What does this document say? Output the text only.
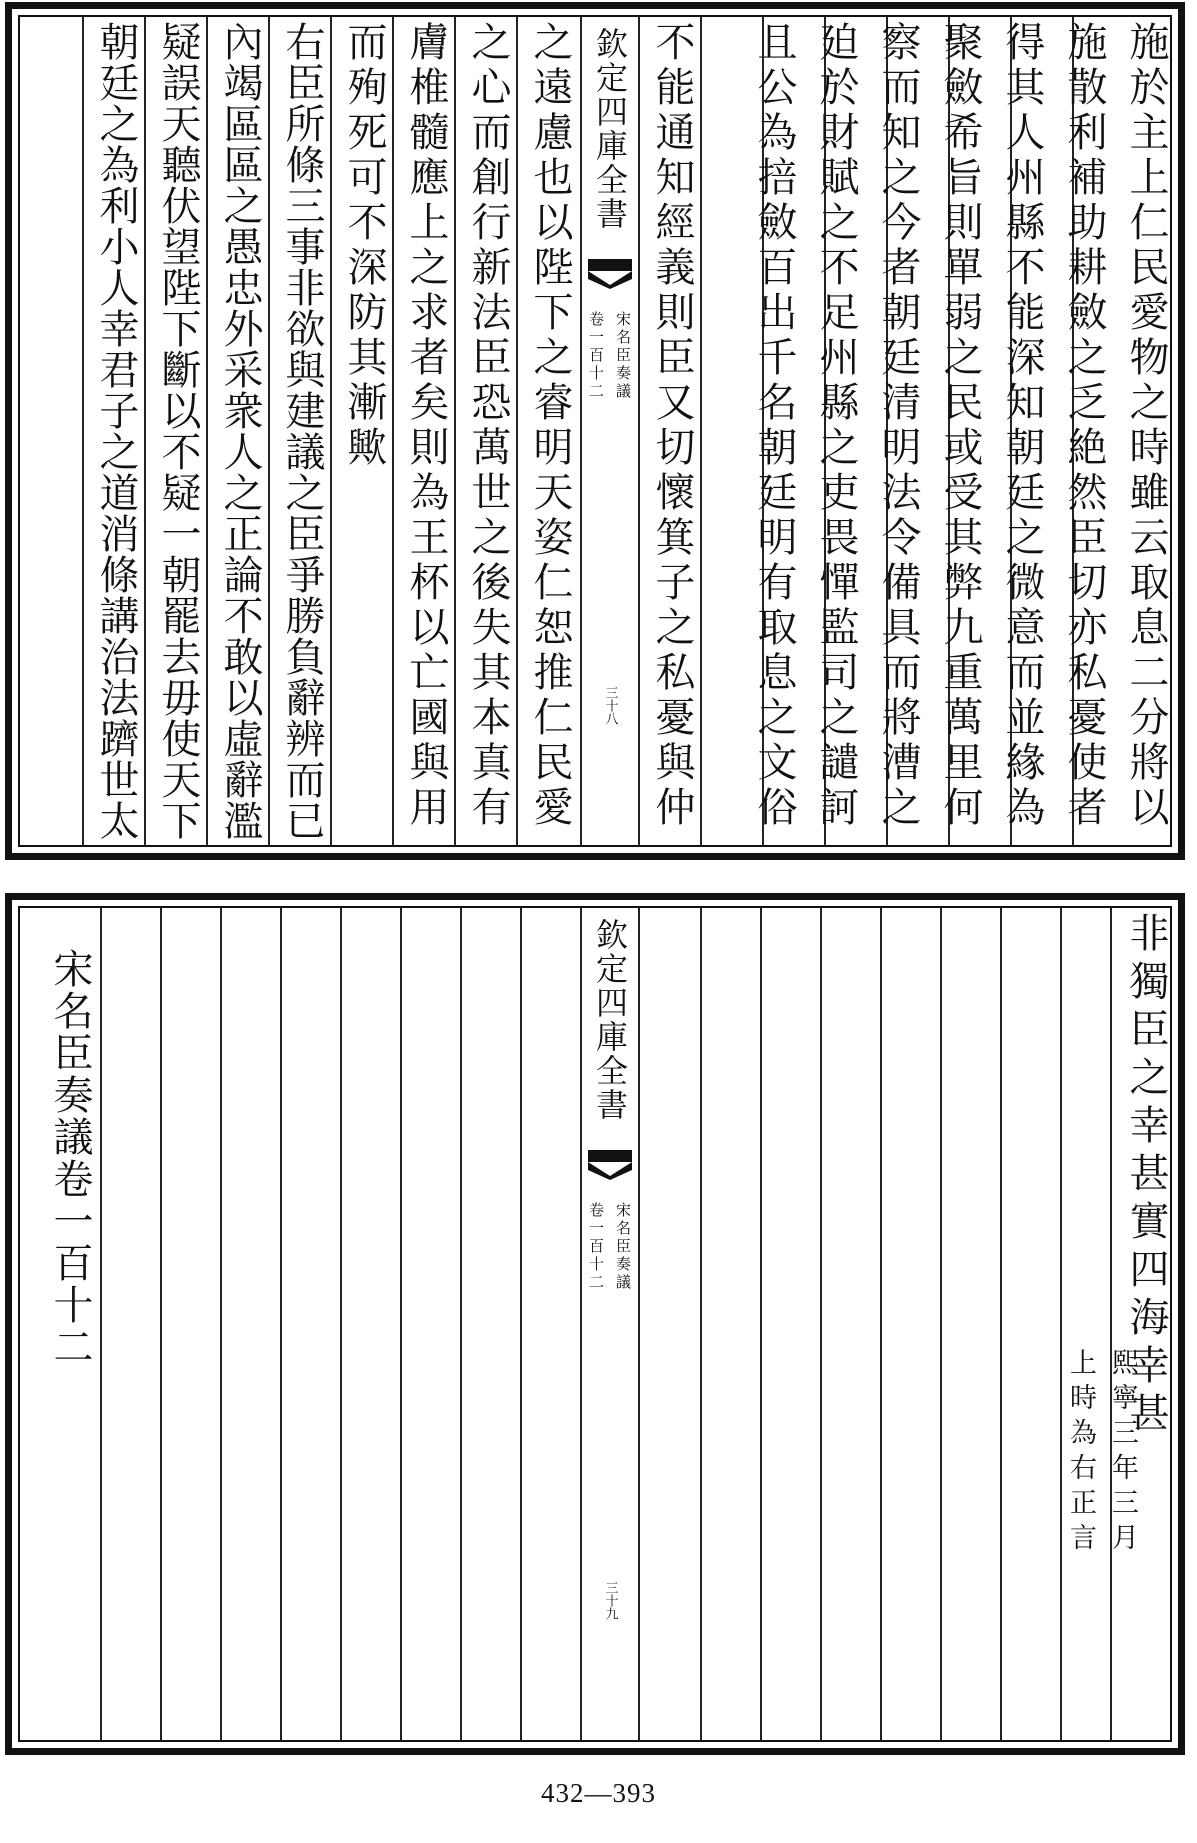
施於主上仁民愛物之時雖云取息二分將以
施散利補助耕斂之乏絶然臣切亦私憂使者
得其人州縣不能深知朝廷之微意而並緣為
聚斂希旨則單弱之民或受其弊九重萬里何
察而知之今者朝廷清明法令備具而將漕之
廹於財賦之不足州縣之吏畏憚監司之譴訶
且公為掊斂百出千名朝廷明有取息之文俗
不能通知經義則臣又切懷箕子之私憂與仲
之遠慮也以陛下之睿明天姿仁恕推仁民愛
之心而創行新法臣恐萬世之後失其本真有
膚椎髓應上之求者矣則為王杯以亡國與用
而殉死可不深防其漸歟
右臣所條三事非欲與建議之臣爭勝負辭辨而已
內竭區區之愚忠外采衆人之正論不敢以虛辭濫
疑誤天聽伏望陛下斷以不疑一朝罷去毋使天下
朝廷之為利小人幸君子之道消條講治法躋世太
欽定四庫全書
宋名臣奏議
卷一百十二
三十八
非獨臣之幸甚實四海幸甚
熙寧三年三月
上時為右正言
宋名臣奏議卷一百十二	欽定四庫全書
宋名臣奏議
卷一百十二
三十九
432—393
